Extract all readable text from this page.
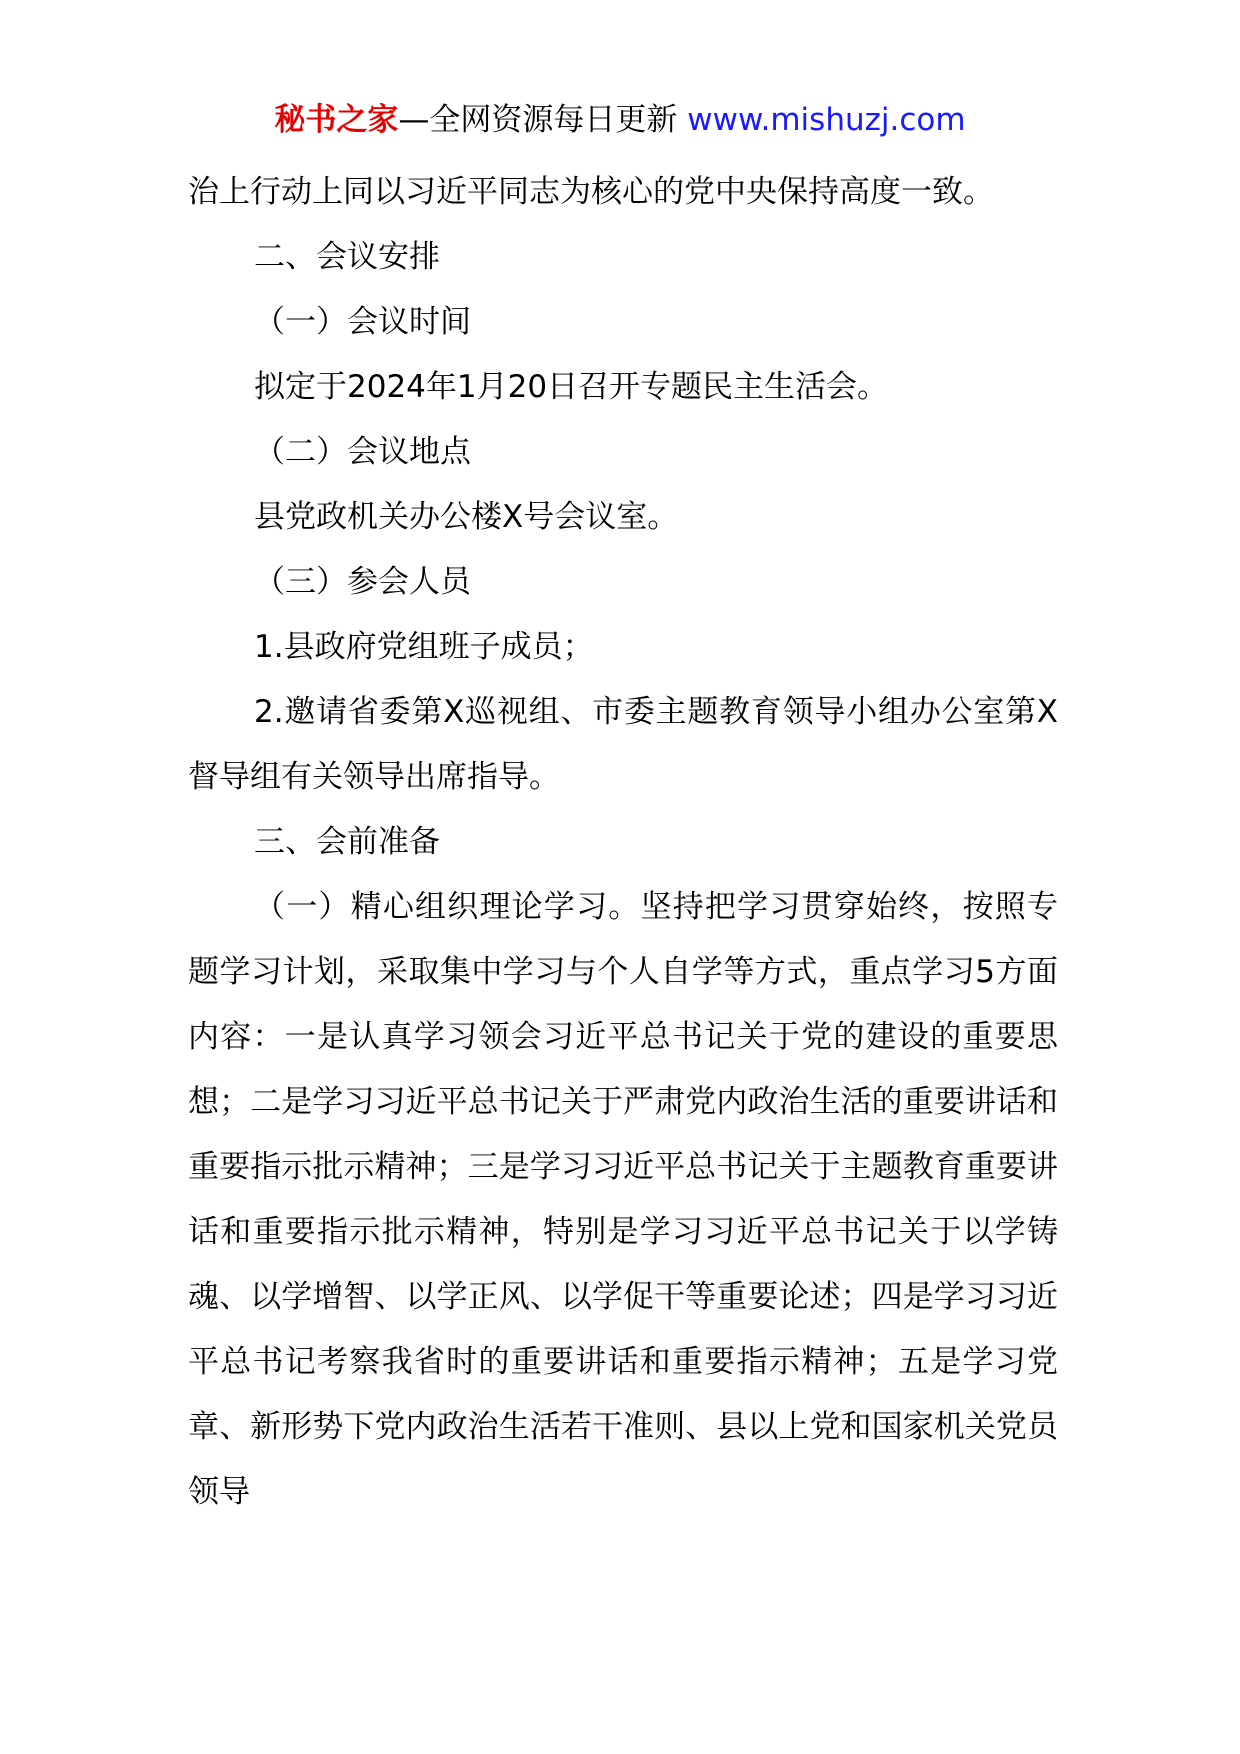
秘书之家—全网资源每日更新 www.mishuzj.com

治上行动上同以习近平同志为核心的党中央保持高度一致。

二、会议安排

（一）会议时间

拟定于2024年1月20日召开专题民主生活会。

（二）会议地点

县党政机关办公楼X号会议室。

（三）参会人员

1.县政府党组班子成员；

2.邀请省委第X巡视组、市委主题教育领导小组办公室第X督导组有关领导出席指导。

三、会前准备

（一）精心组织理论学习。坚持把学习贯穿始终，按照专题学习计划，采取集中学习与个人自学等方式，重点学习5方面内容：一是认真学习领会习近平总书记关于党的建设的重要思想；二是学习习近平总书记关于严肃党内政治生活的重要讲话和重要指示批示精神；三是学习习近平总书记关于主题教育重要讲话和重要指示批示精神，特别是学习习近平总书记关于以学铸魂、以学增智、以学正风、以学促干等重要论述；四是学习习近平总书记考察我省时的重要讲话和重要指示精神；五是学习党章、新形势下党内政治生活若干准则、县以上党和国家机关党员领导
